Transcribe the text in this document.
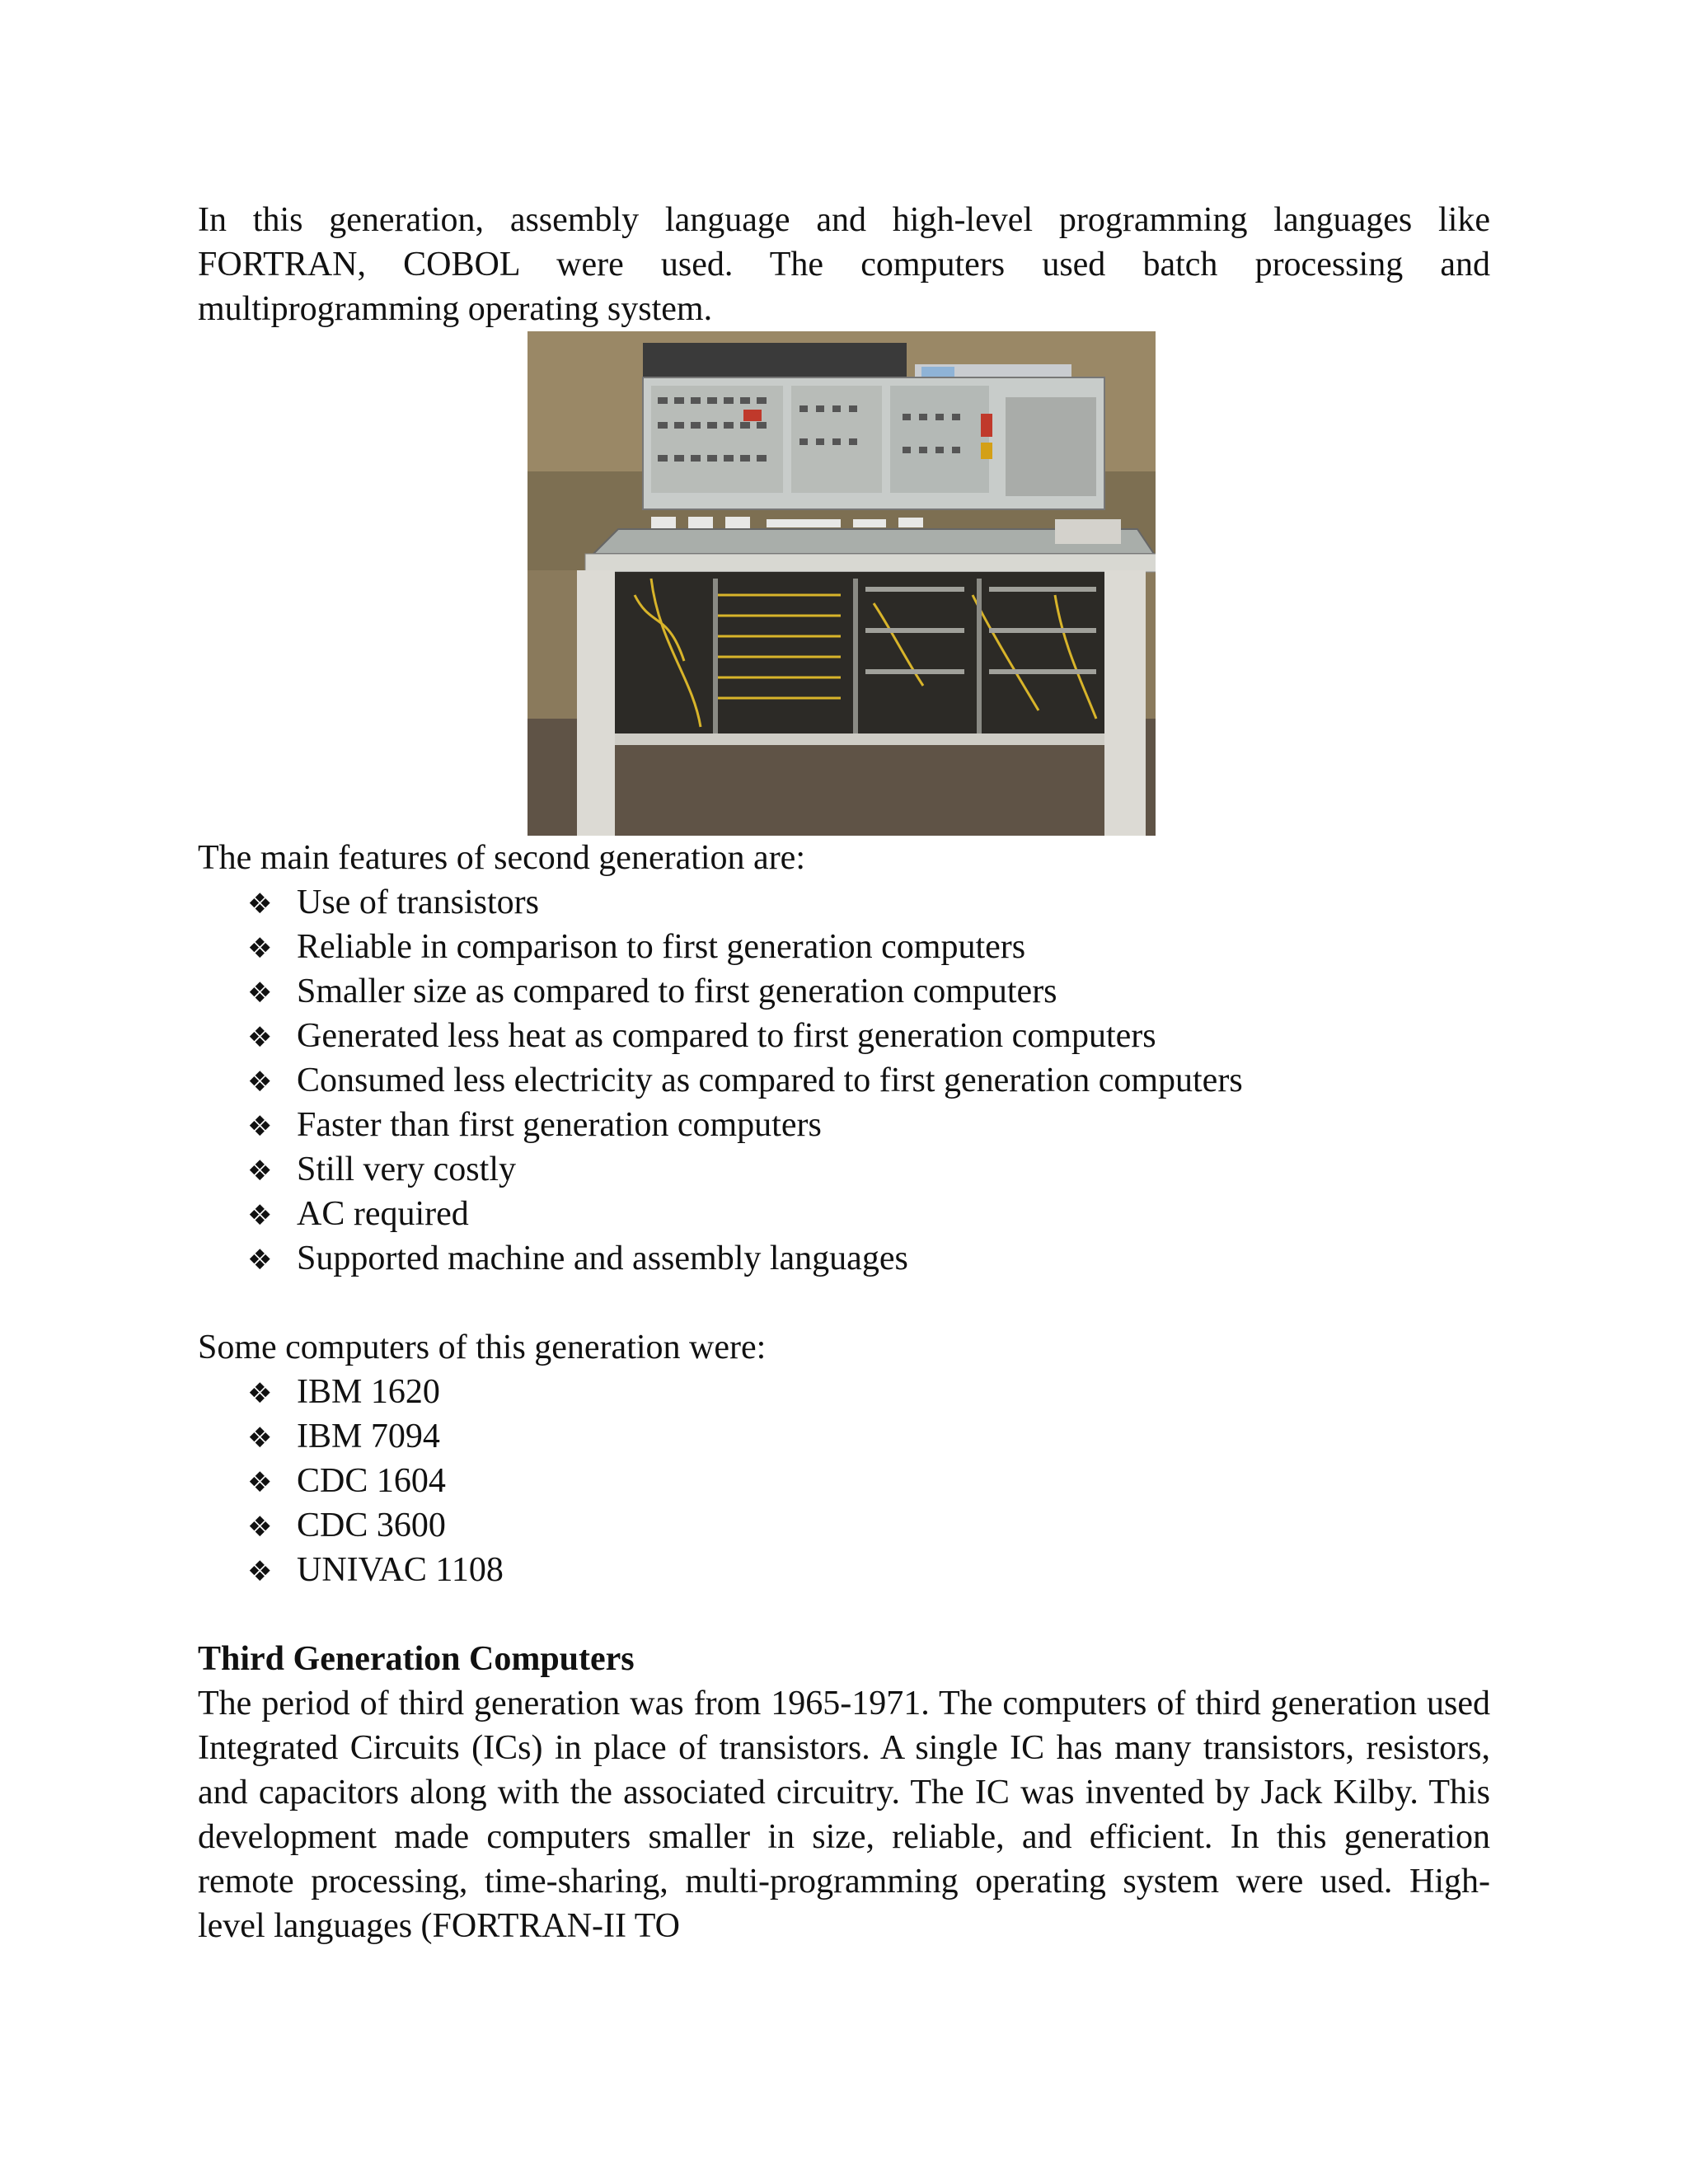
In this generation, assembly language and high-level programming languages like FORTRAN, COBOL were used. The computers used batch processing and multiprogramming operating system.

The main features of second generation are:

❖ Use of transistors
❖ Reliable in comparison to first generation computers
❖ Smaller size as compared to first generation computers
❖ Generated less heat as compared to first generation computers
❖ Consumed less electricity as compared to first generation computers
❖ Faster than first generation computers
❖ Still very costly
❖ AC required
❖ Supported machine and assembly languages

Some computers of this generation were:

❖ IBM 1620
❖ IBM 7094
❖ CDC 1604
❖ CDC 3600
❖ UNIVAC 1108

Third Generation Computers

The period of third generation was from 1965-1971. The computers of third generation used Integrated Circuits (ICs) in place of transistors. A single IC has many transistors, resistors, and capacitors along with the associated circuitry. The IC was invented by Jack Kilby. This development made computers smaller in size, reliable, and efficient. In this generation remote processing, time-sharing, multi-programming operating system were used. High-level languages (FORTRAN-II TO
